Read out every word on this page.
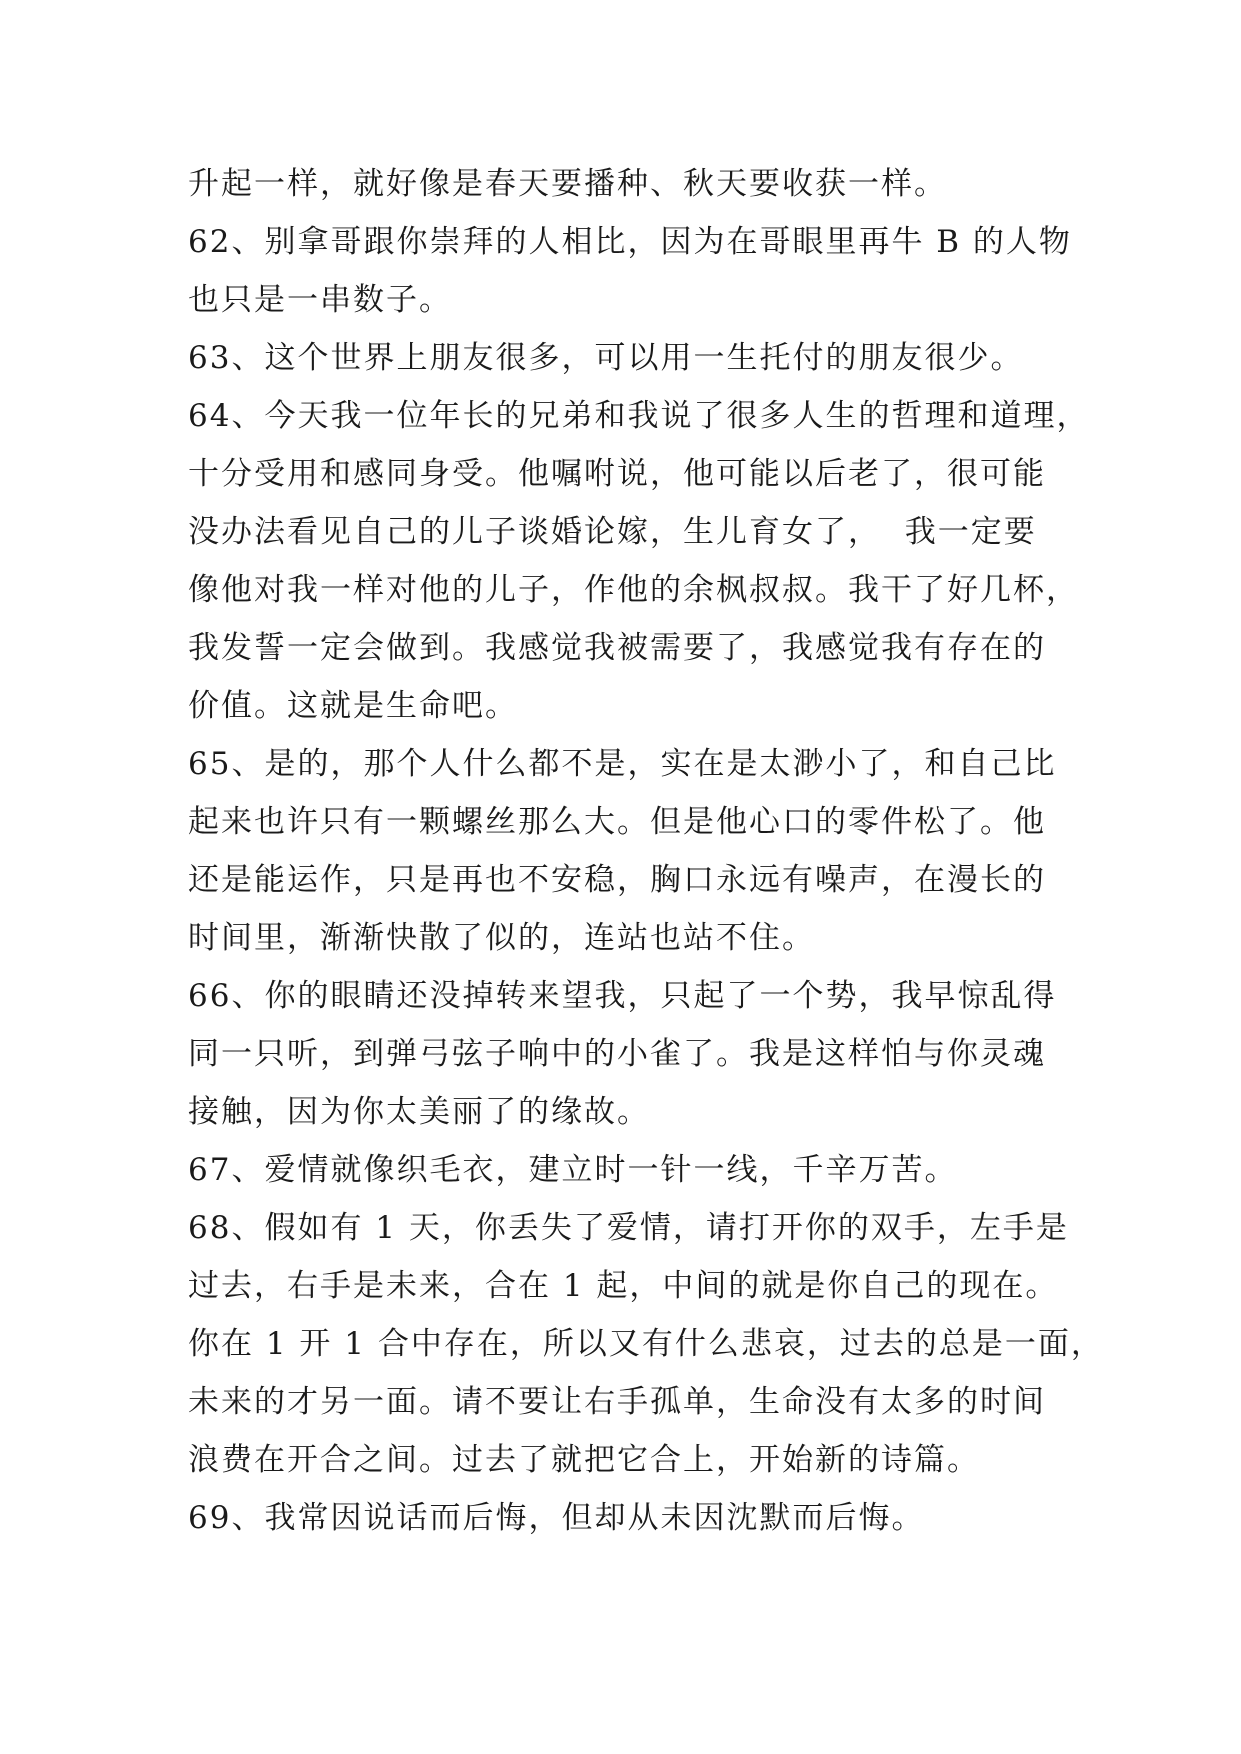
升起一样，就好像是春天要播种、秋天要收获一样。
62、别拿哥跟你崇拜的人相比，因为在哥眼里再牛 B 的人物
也只是一串数子。
63、这个世界上朋友很多，可以用一生托付的朋友很少。
64、今天我一位年长的兄弟和我说了很多人生的哲理和道理，
十分受用和感同身受。他嘱咐说，他可能以后老了，很可能
没办法看见自己的儿子谈婚论嫁，生儿育女了，  我一定要
像他对我一样对他的儿子，作他的余枫叔叔。我干了好几杯，
我发誓一定会做到。我感觉我被需要了，我感觉我有存在的
价值。这就是生命吧。
65、是的，那个人什么都不是，实在是太渺小了，和自己比
起来也许只有一颗螺丝那么大。但是他心口的零件松了。他
还是能运作，只是再也不安稳，胸口永远有噪声，在漫长的
时间里，渐渐快散了似的，连站也站不住。
66、你的眼睛还没掉转来望我，只起了一个势，我早惊乱得
同一只听，到弹弓弦子响中的小雀了。我是这样怕与你灵魂
接触，因为你太美丽了的缘故。
67、爱情就像织毛衣，建立时一针一线，千辛万苦。
68、假如有 1 天，你丢失了爱情，请打开你的双手，左手是
过去，右手是未来，合在 1 起，中间的就是你自己的现在。
你在 1 开 1 合中存在，所以又有什么悲哀，过去的总是一面，
未来的才另一面。请不要让右手孤单，生命没有太多的时间
浪费在开合之间。过去了就把它合上，开始新的诗篇。
69、我常因说话而后悔，但却从未因沈默而后悔。
